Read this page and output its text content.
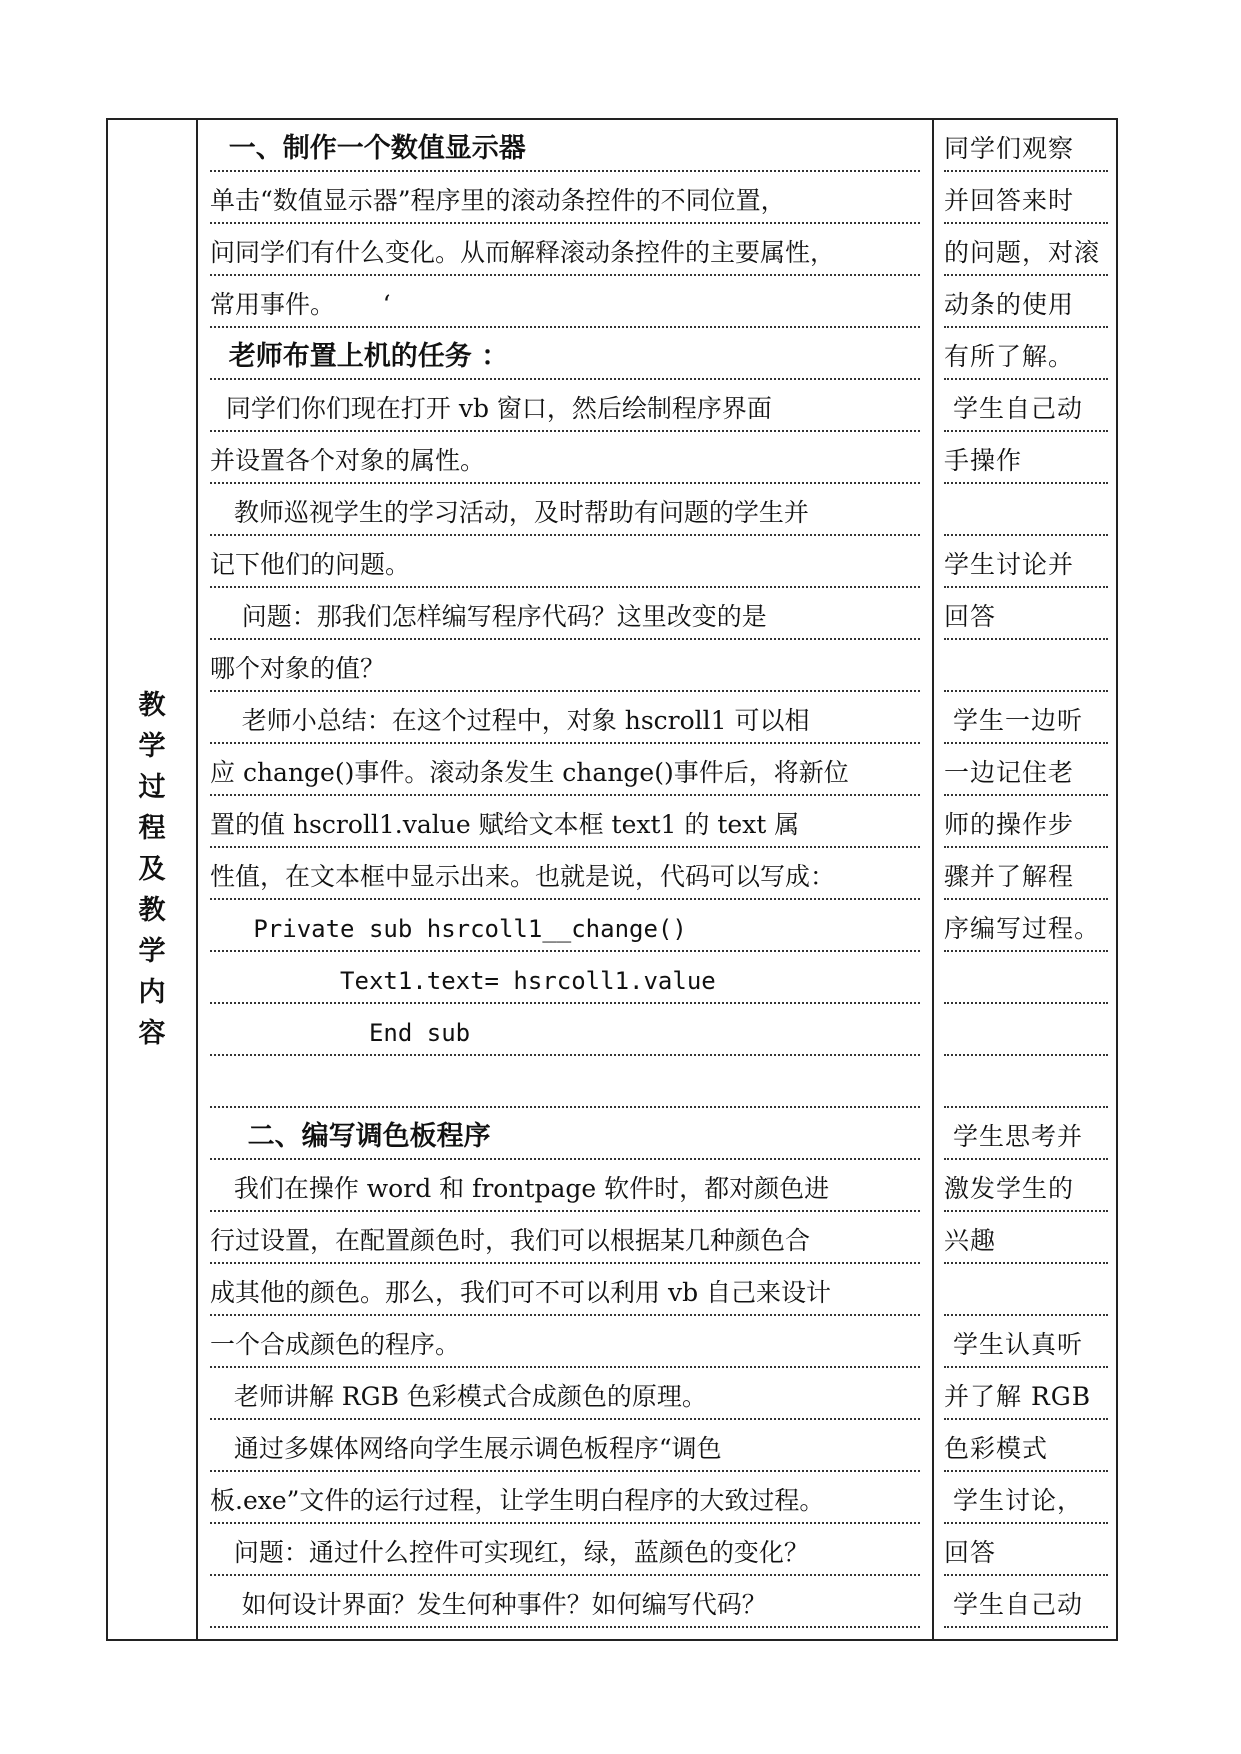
教学过程及教学内容
一、制作一个数值显示器
单击“数值显示器”程序里的滚动条控件的不同位置，
问同学们有什么变化。从而解释滚动条控件的主要属性，
常用事件。      ‘
老师布置上机的任务 ：
同学们你们现在打开 vb 窗口，然后绘制程序界面
并设置各个对象的属性。
教师巡视学生的学习活动，及时帮助有问题的学生并
记下他们的问题。
问题：那我们怎样编写程序代码？这里改变的是
哪个对象的值？
老师小总结：在这个过程中，对象 hscroll1 可以相
应 change()事件。滚动条发生 change()事件后，将新位
置的值 hscroll1.value 赋给文本框 text1 的 text 属
性值，在文本框中显示出来。也就是说，代码可以写成：
Private sub hsrcoll1__change()
Text1.text= hsrcoll1.value
End sub
二、编写调色板程序
我们在操作 word 和 frontpage 软件时，都对颜色进
行过设置，在配置颜色时，我们可以根据某几种颜色合
成其他的颜色。那么，我们可不可以利用 vb 自己来设计
一个合成颜色的程序。
老师讲解 RGB 色彩模式合成颜色的原理。
通过多媒体网络向学生展示调色板程序“调色
板.exe”文件的运行过程，让学生明白程序的大致过程。
问题：通过什么控件可实现红，绿，蓝颜色的变化？
如何设计界面？发生何种事件？如何编写代码？
同学们观察
并回答来时
的问题，对滚
动条的使用
有所了解。
学生自己动
手操作
学生讨论并
回答
学生一边听
一边记住老
师的操作步
骤并了解程
序编写过程。
学生思考并
激发学生的
兴趣
学生认真听
并了解 RGB
色彩模式
学生讨论，
回答
学生自己动
